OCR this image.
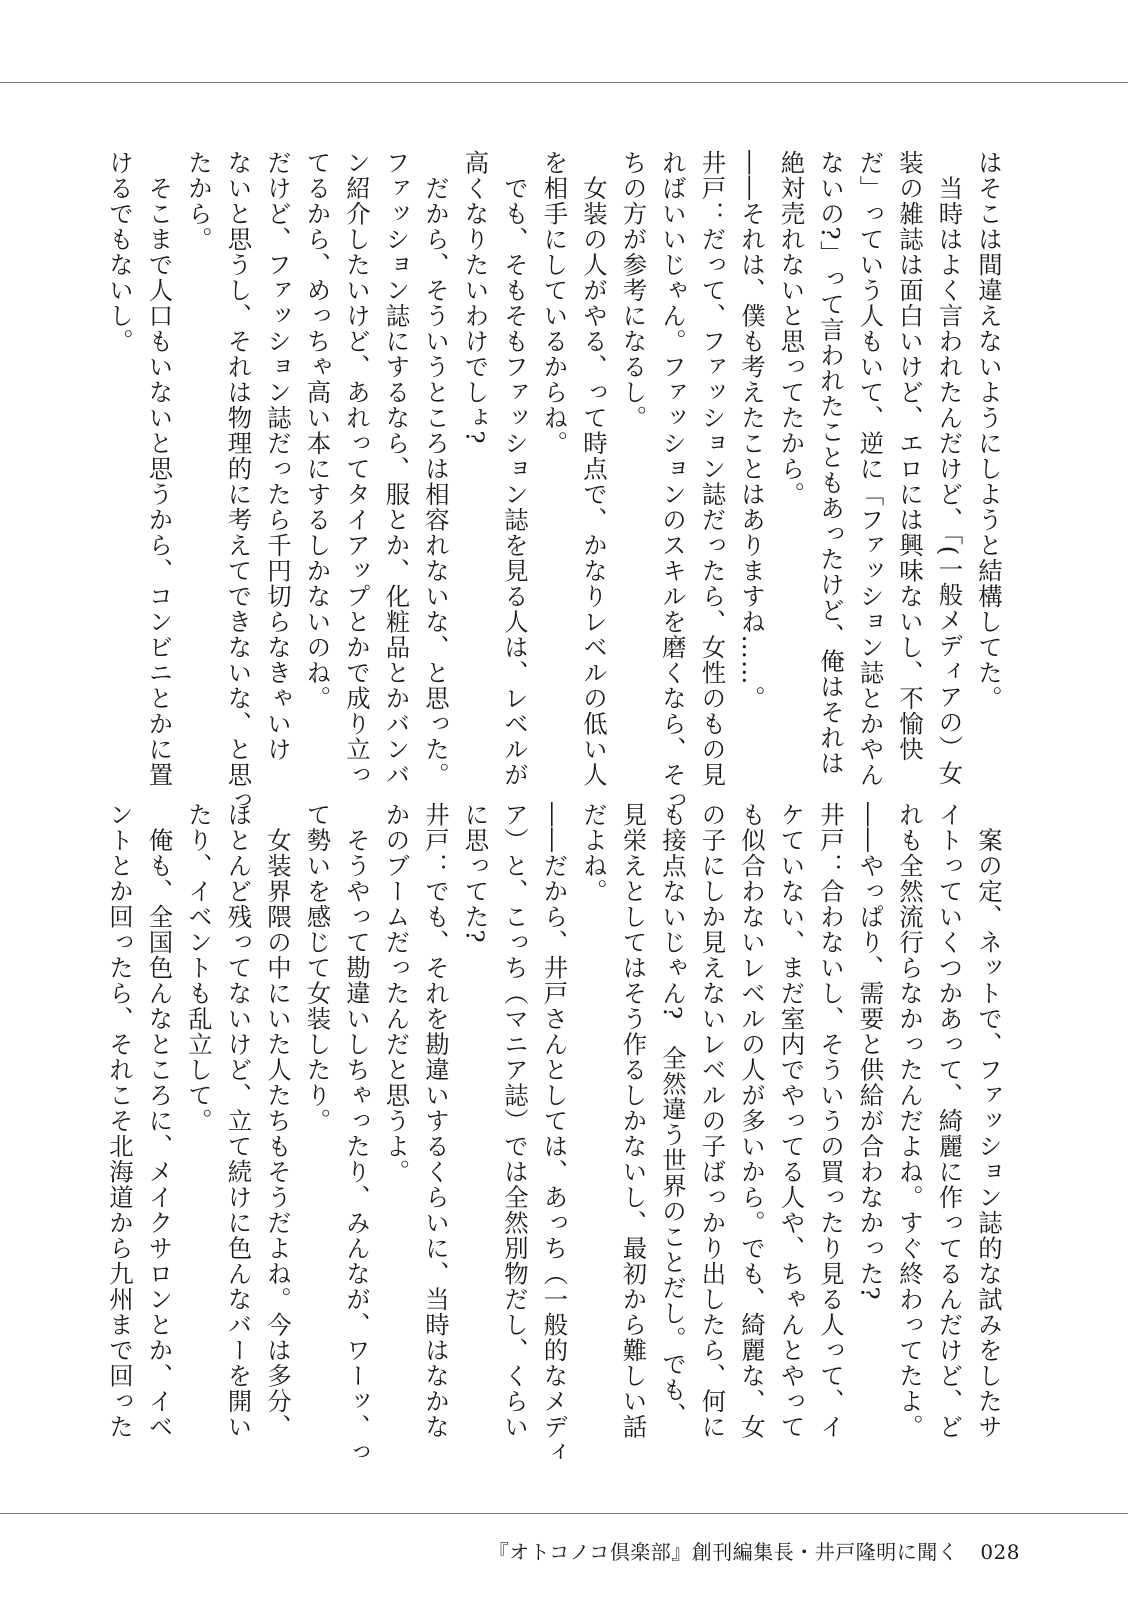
はそこは間違えないようにしようと結構してた。
　当時はよく言われたんだけど、「(一般メディアの）女
装の雑誌は面白いけど、エロには興味ないし、不愉快
だ」っていう人もいて、逆に「ファッション誌とかやん
ないの?」って言われたこともあったけど、俺はそれは
絶対売れないと思ってたから。
――それは、僕も考えたことはありますね……。
井戸：だって、ファッション誌だったら、女性のもの見
ればいいじゃん。ファッションのスキルを磨くなら、そっ
ちの方が参考になるし。
　女装の人がやる、って時点で、かなりレベルの低い人
を相手にしているからね。
　でも、そもそもファッション誌を見る人は、レベルが
高くなりたいわけでしょ?
　だから、そういうところは相容れないな、と思った。
ファッション誌にするなら、服とか、化粧品とかバンバ
ン紹介したいけど、あれってタイアップとかで成り立っ
てるから、めっちゃ高い本にするしかないのね。
だけど、ファッション誌だったら千円切らなきゃいけ
ないと思うし、それは物理的に考えてできないな、と思っ
たから。
　そこまで人口もいないと思うから、コンビニとかに置
けるでもないし。
　案の定、ネットで、ファッション誌的な試みをしたサ
イトっていくつかあって、綺麗に作ってるんだけど、ど
れも全然流行らなかったんだよね。すぐ終わってたよ。
――やっぱり、需要と供給が合わなかった?
井戸：合わないし、そういうの買ったり見る人って、イ
ケていない、まだ室内でやってる人や、ちゃんとやって
も似合わないレベルの人が多いから。でも、綺麗な、女
の子にしか見えないレベルの子ばっかり出したら、何に
も接点ないじゃん?　全然違う世界のことだし。でも、
見栄えとしてはそう作るしかないし、最初から難しい話
だよね。
――だから、井戸さんとしては、あっち（一般的なメディ
ア）と、こっち（マニア誌）では全然別物だし、くらい
に思ってた?
井戸：でも、それを勘違いするくらいに、当時はなかな
かのブームだったんだと思うよ。
　そうやって勘違いしちゃったり、みんなが、ワーッ、っ
て勢いを感じて女装したり。
　女装界隈の中にいた人たちもそうだよね。今は多分、
ほとんど残ってないけど、立て続けに色んなバーを開い
たり、イベントも乱立して。
　俺も、全国色んなところに、メイクサロンとか、イベ
ントとか回ったら、それこそ北海道から九州まで回った
『オトコノコ倶楽部』創刊編集長・井戸隆明に聞く 028
